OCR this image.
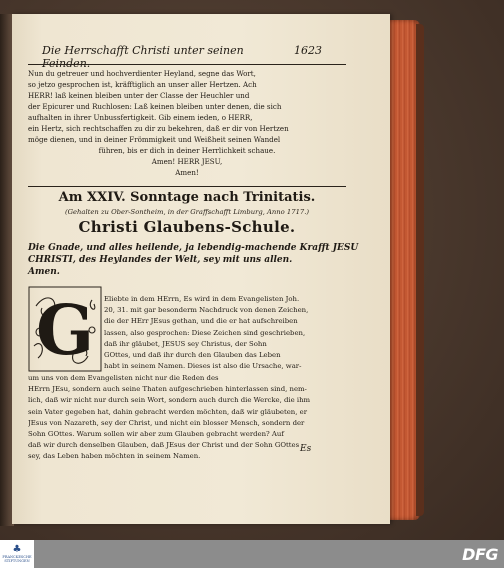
Die Herrschafft Christi unter seinen Feinden.
1623
Nun du getreuer und hochverdienter Heyland, segne das Wort,
so jetzo gesprochen ist, kräfftiglich an unser aller Hertzen. Ach
HERR! laß keinen bleiben unter der Classe der Heuchler und
der Epicurer und Ruchlosen: Laß keinen bleiben unter denen, die sich
aufhalten in ihrer Unbussfertigkeit. Gib einem ieden, o HERR,
ein Hertz, sich rechtschaffen zu dir zu bekehren, daß er dir von Hertzen
möge dienen, und in deiner Frömmigkeit und Weißheit seinen Wandel
führen, bis er dich in deiner Herrlichkeit schaue.
Amen! HERR JESU,
Amen!
Am XXIV. Sonntage nach Trinitatis.
(Gehalten zu Ober-Sontheim, in der Graffschafft Limburg, Anno 1717.)
Christi Glaubens-Schule.
Die Gnade, und alles heilende, ja lebendig-machende Krafft JESU
CHRISTI, des Heylandes der Welt, sey mit uns allen.
Amen.
G Eliebte in dem HErrn, Es wird in dem Evangelisten Joh.
20, 31. mit gar besonderm Nachdruck von denen Zeichen,
die der HErr JEsus gethan, und die er hat aufschreiben
lassen, also gesprochen: Diese Zeichen sind geschrieben,
daß ihr gläubet, JESUS sey Christus, der Sohn
GOttes, und daß ihr durch den Glauben das Leben
habt in seinem Namen. Dieses ist also die Ursache, war-
um uns von dem Evangelisten nicht nur die Reden des
HErrn JEsu, sondern auch seine Thaten aufgeschrieben hinterlassen sind, nem-
lich, daß wir nicht nur durch sein Wort, sondern auch durch die Wercke, die ihm
sein Vater gegeben hat, dahin gebracht werden möchten, daß wir gläubeten, er
JEsus von Nazareth, sey der Christ, und nicht ein blosser Mensch, sondern der
Sohn GOttes. Warum sollen wir aber zum Glauben gebracht werden? Auf
daß wir durch denselben Glauben, daß JEsus der Christ und der Sohn GOttes
sey, das Leben haben möchten in seinem Namen.
Es
♣
FRANCKESCHE STIFTUNGEN	DFG
